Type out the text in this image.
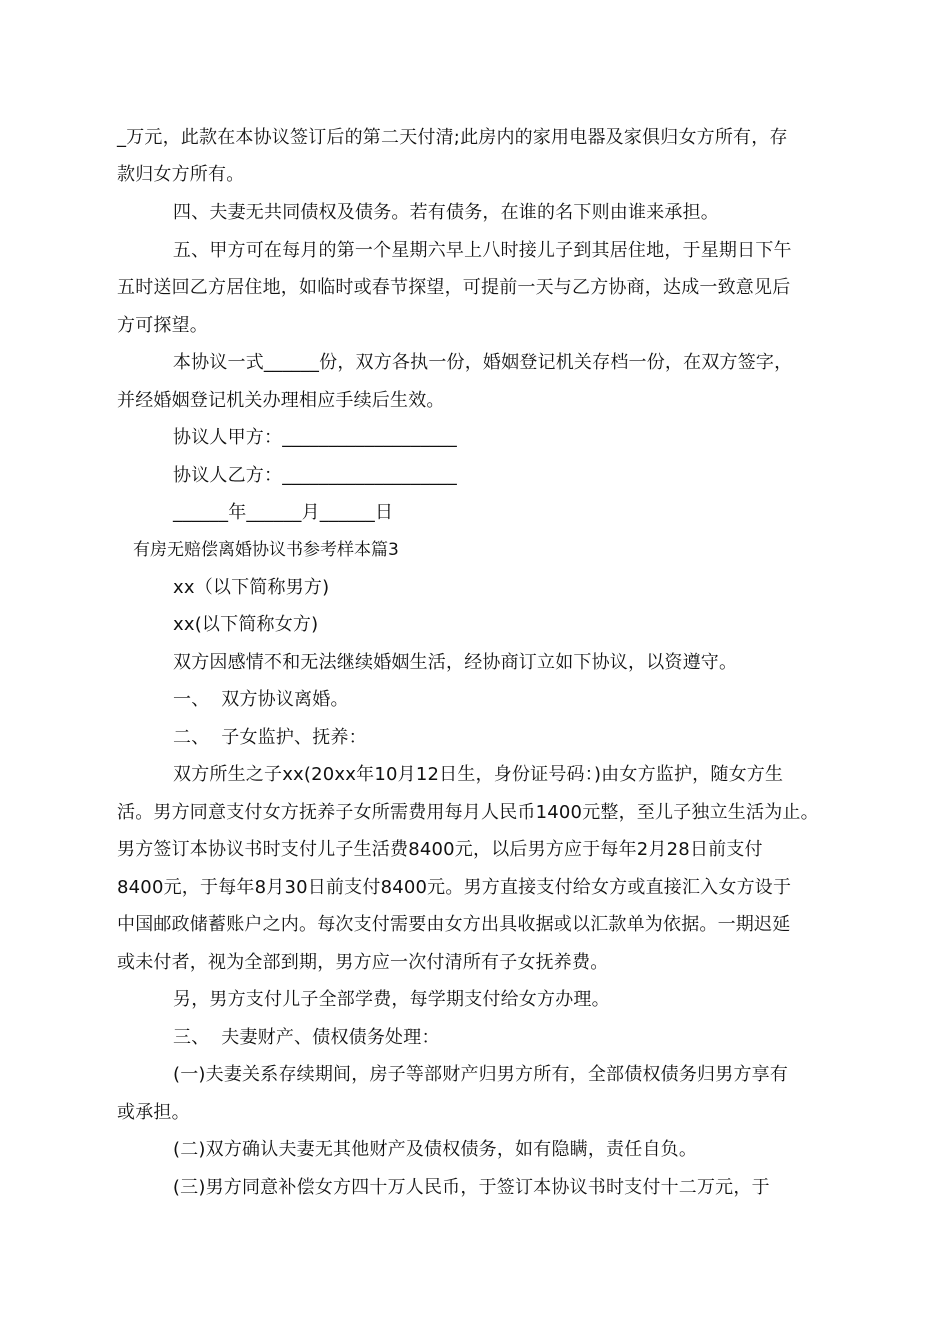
_万元，此款在本协议签订后的第二天付清;此房内的家用电器及家俱归女方所有，存
款归女方所有。
四、夫妻无共同债权及债务。若有债务，在谁的名下则由谁来承担。
五、甲方可在每月的第一个星期六早上八时接儿子到其居住地，于星期日下午
五时送回乙方居住地，如临时或春节探望，可提前一天与乙方协商，达成一致意见后
方可探望。
本协议一式______份，双方各执一份，婚姻登记机关存档一份，在双方签字，
并经婚姻登记机关办理相应手续后生效。
协议人甲方：___________________
协议人乙方：___________________
______年______月______日
有房无赔偿离婚协议书参考样本篇3
xx（以下简称男方)
xx(以下简称女方)
双方因感情不和无法继续婚姻生活，经协商订立如下协议，以资遵守。
一、  双方协议离婚。
二、  子女监护、抚养：
双方所生之子xx(20xx年10月12日生，身份证号码：)由女方监护，随女方生
活。男方同意支付女方抚养子女所需费用每月人民币1400元整，至儿子独立生活为止。
男方签订本协议书时支付儿子生活费8400元，以后男方应于每年2月28日前支付
8400元，于每年8月30日前支付8400元。男方直接支付给女方或直接汇入女方设于
中国邮政储蓄账户之内。每次支付需要由女方出具收据或以汇款单为依据。一期迟延
或未付者，视为全部到期，男方应一次付清所有子女抚养费。
另，男方支付儿子全部学费，每学期支付给女方办理。
三、  夫妻财产、债权债务处理：
(一)夫妻关系存续期间，房子等部财产归男方所有，全部债权债务归男方享有
或承担。
(二)双方确认夫妻无其他财产及债权债务，如有隐瞒，责任自负。
(三)男方同意补偿女方四十万人民币，于签订本协议书时支付十二万元，于
